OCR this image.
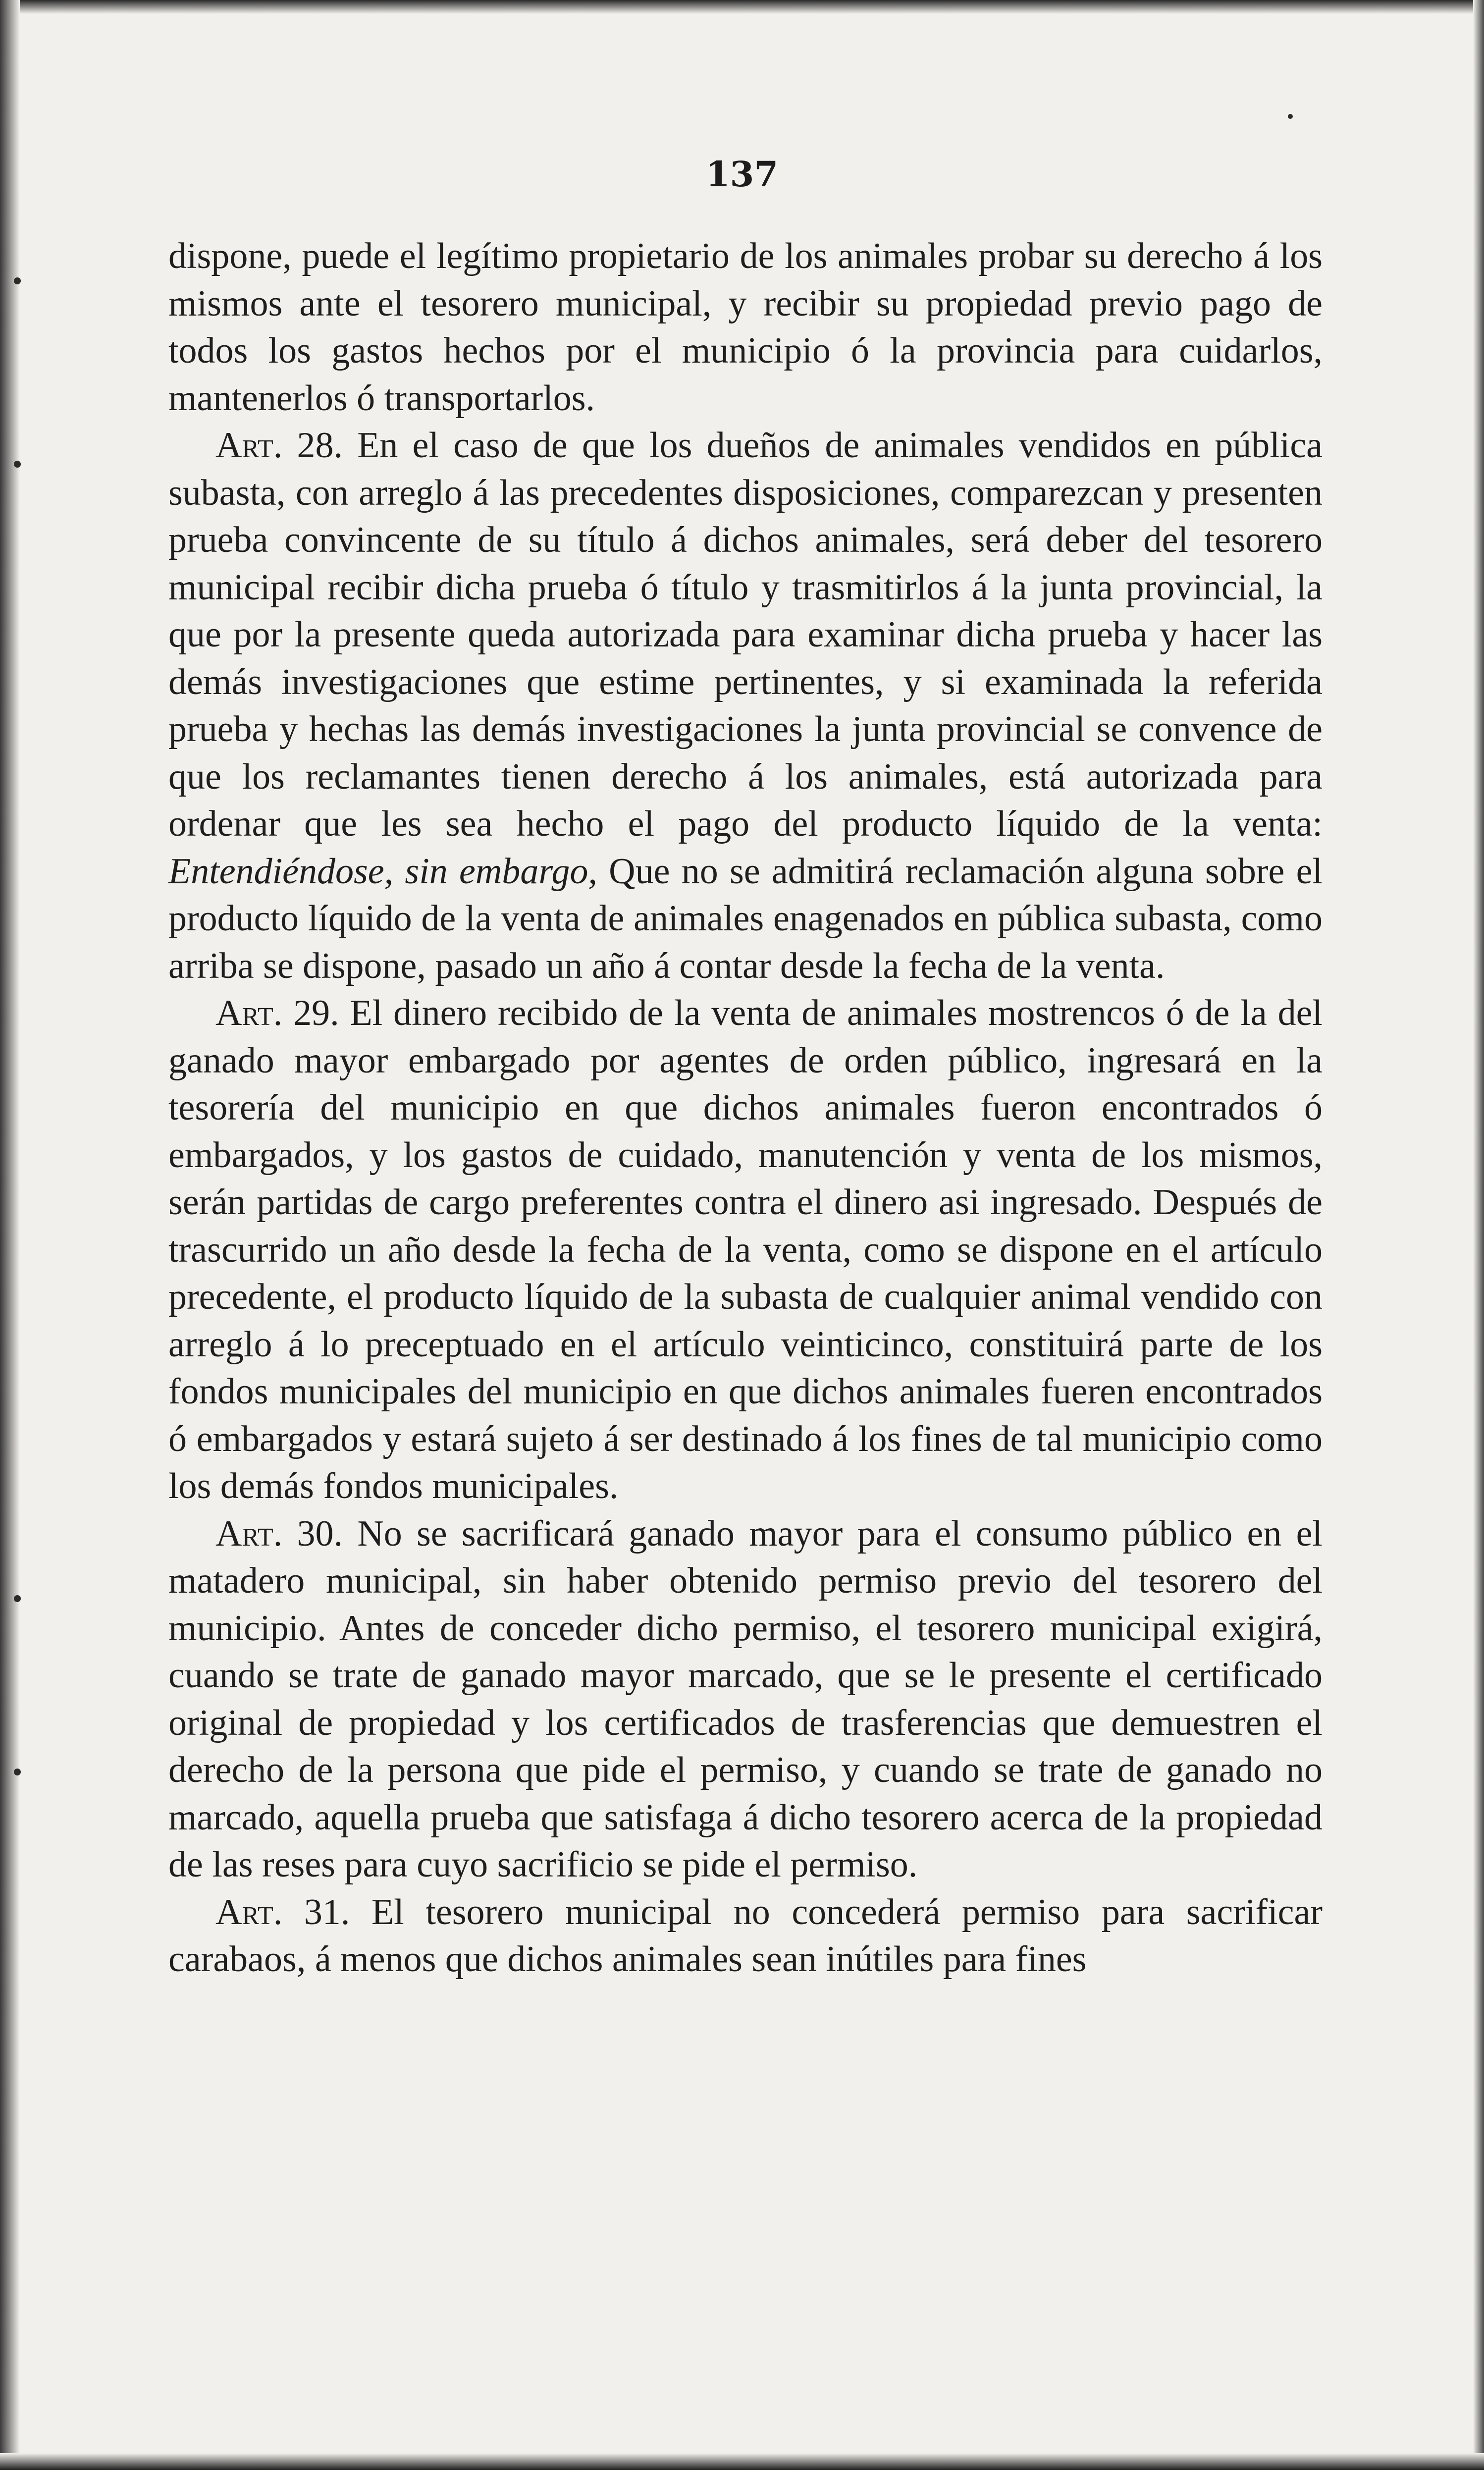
137

dispone, puede el legítimo propietario de los animales probar su derecho á los mismos ante el tesorero municipal, y recibir su propiedad previo pago de todos los gastos hechos por el municipio ó la provincia para cuidarlos, mantenerlos ó transportarlos.

Art. 28. En el caso de que los dueños de animales vendidos en pública subasta, con arreglo á las precedentes disposiciones, comparezcan y presenten prueba convincente de su título á dichos animales, será deber del tesorero municipal recibir dicha prueba ó título y trasmitirlos á la junta provincial, la que por la presente queda autorizada para examinar dicha prueba y hacer las demás investigaciones que estime pertinentes, y si examinada la referida prueba y hechas las demás investigaciones la junta provincial se convence de que los reclamantes tienen derecho á los animales, está autorizada para ordenar que les sea hecho el pago del producto líquido de la venta: Entendiéndose, sin embargo, Que no se admitirá reclamación alguna sobre el producto líquido de la venta de animales enagenados en pública subasta, como arriba se dispone, pasado un año á contar desde la fecha de la venta.

Art. 29. El dinero recibido de la venta de animales mostrencos ó de la del ganado mayor embargado por agentes de orden público, ingresará en la tesorería del municipio en que dichos animales fueron encontrados ó embargados, y los gastos de cuidado, manutención y venta de los mismos, serán partidas de cargo preferentes contra el dinero asi ingresado. Después de trascurrido un año desde la fecha de la venta, como se dispone en el artículo precedente, el producto líquido de la subasta de cualquier animal vendido con arreglo á lo preceptuado en el artículo veinticinco, constituirá parte de los fondos municipales del municipio en que dichos animales fueren encontrados ó embargados y estará sujeto á ser destinado á los fines de tal municipio como los demás fondos municipales.

Art. 30. No se sacrificará ganado mayor para el consumo público en el matadero municipal, sin haber obtenido permiso previo del tesorero del municipio. Antes de conceder dicho permiso, el tesorero municipal exigirá, cuando se trate de ganado mayor marcado, que se le presente el certificado original de propiedad y los certificados de trasferencias que demuestren el derecho de la persona que pide el permiso, y cuando se trate de ganado no marcado, aquella prueba que satisfaga á dicho tesorero acerca de la propiedad de las reses para cuyo sacrificio se pide el permiso.

Art. 31. El tesorero municipal no concederá permiso para sacrificar carabaos, á menos que dichos animales sean inútiles para fines
